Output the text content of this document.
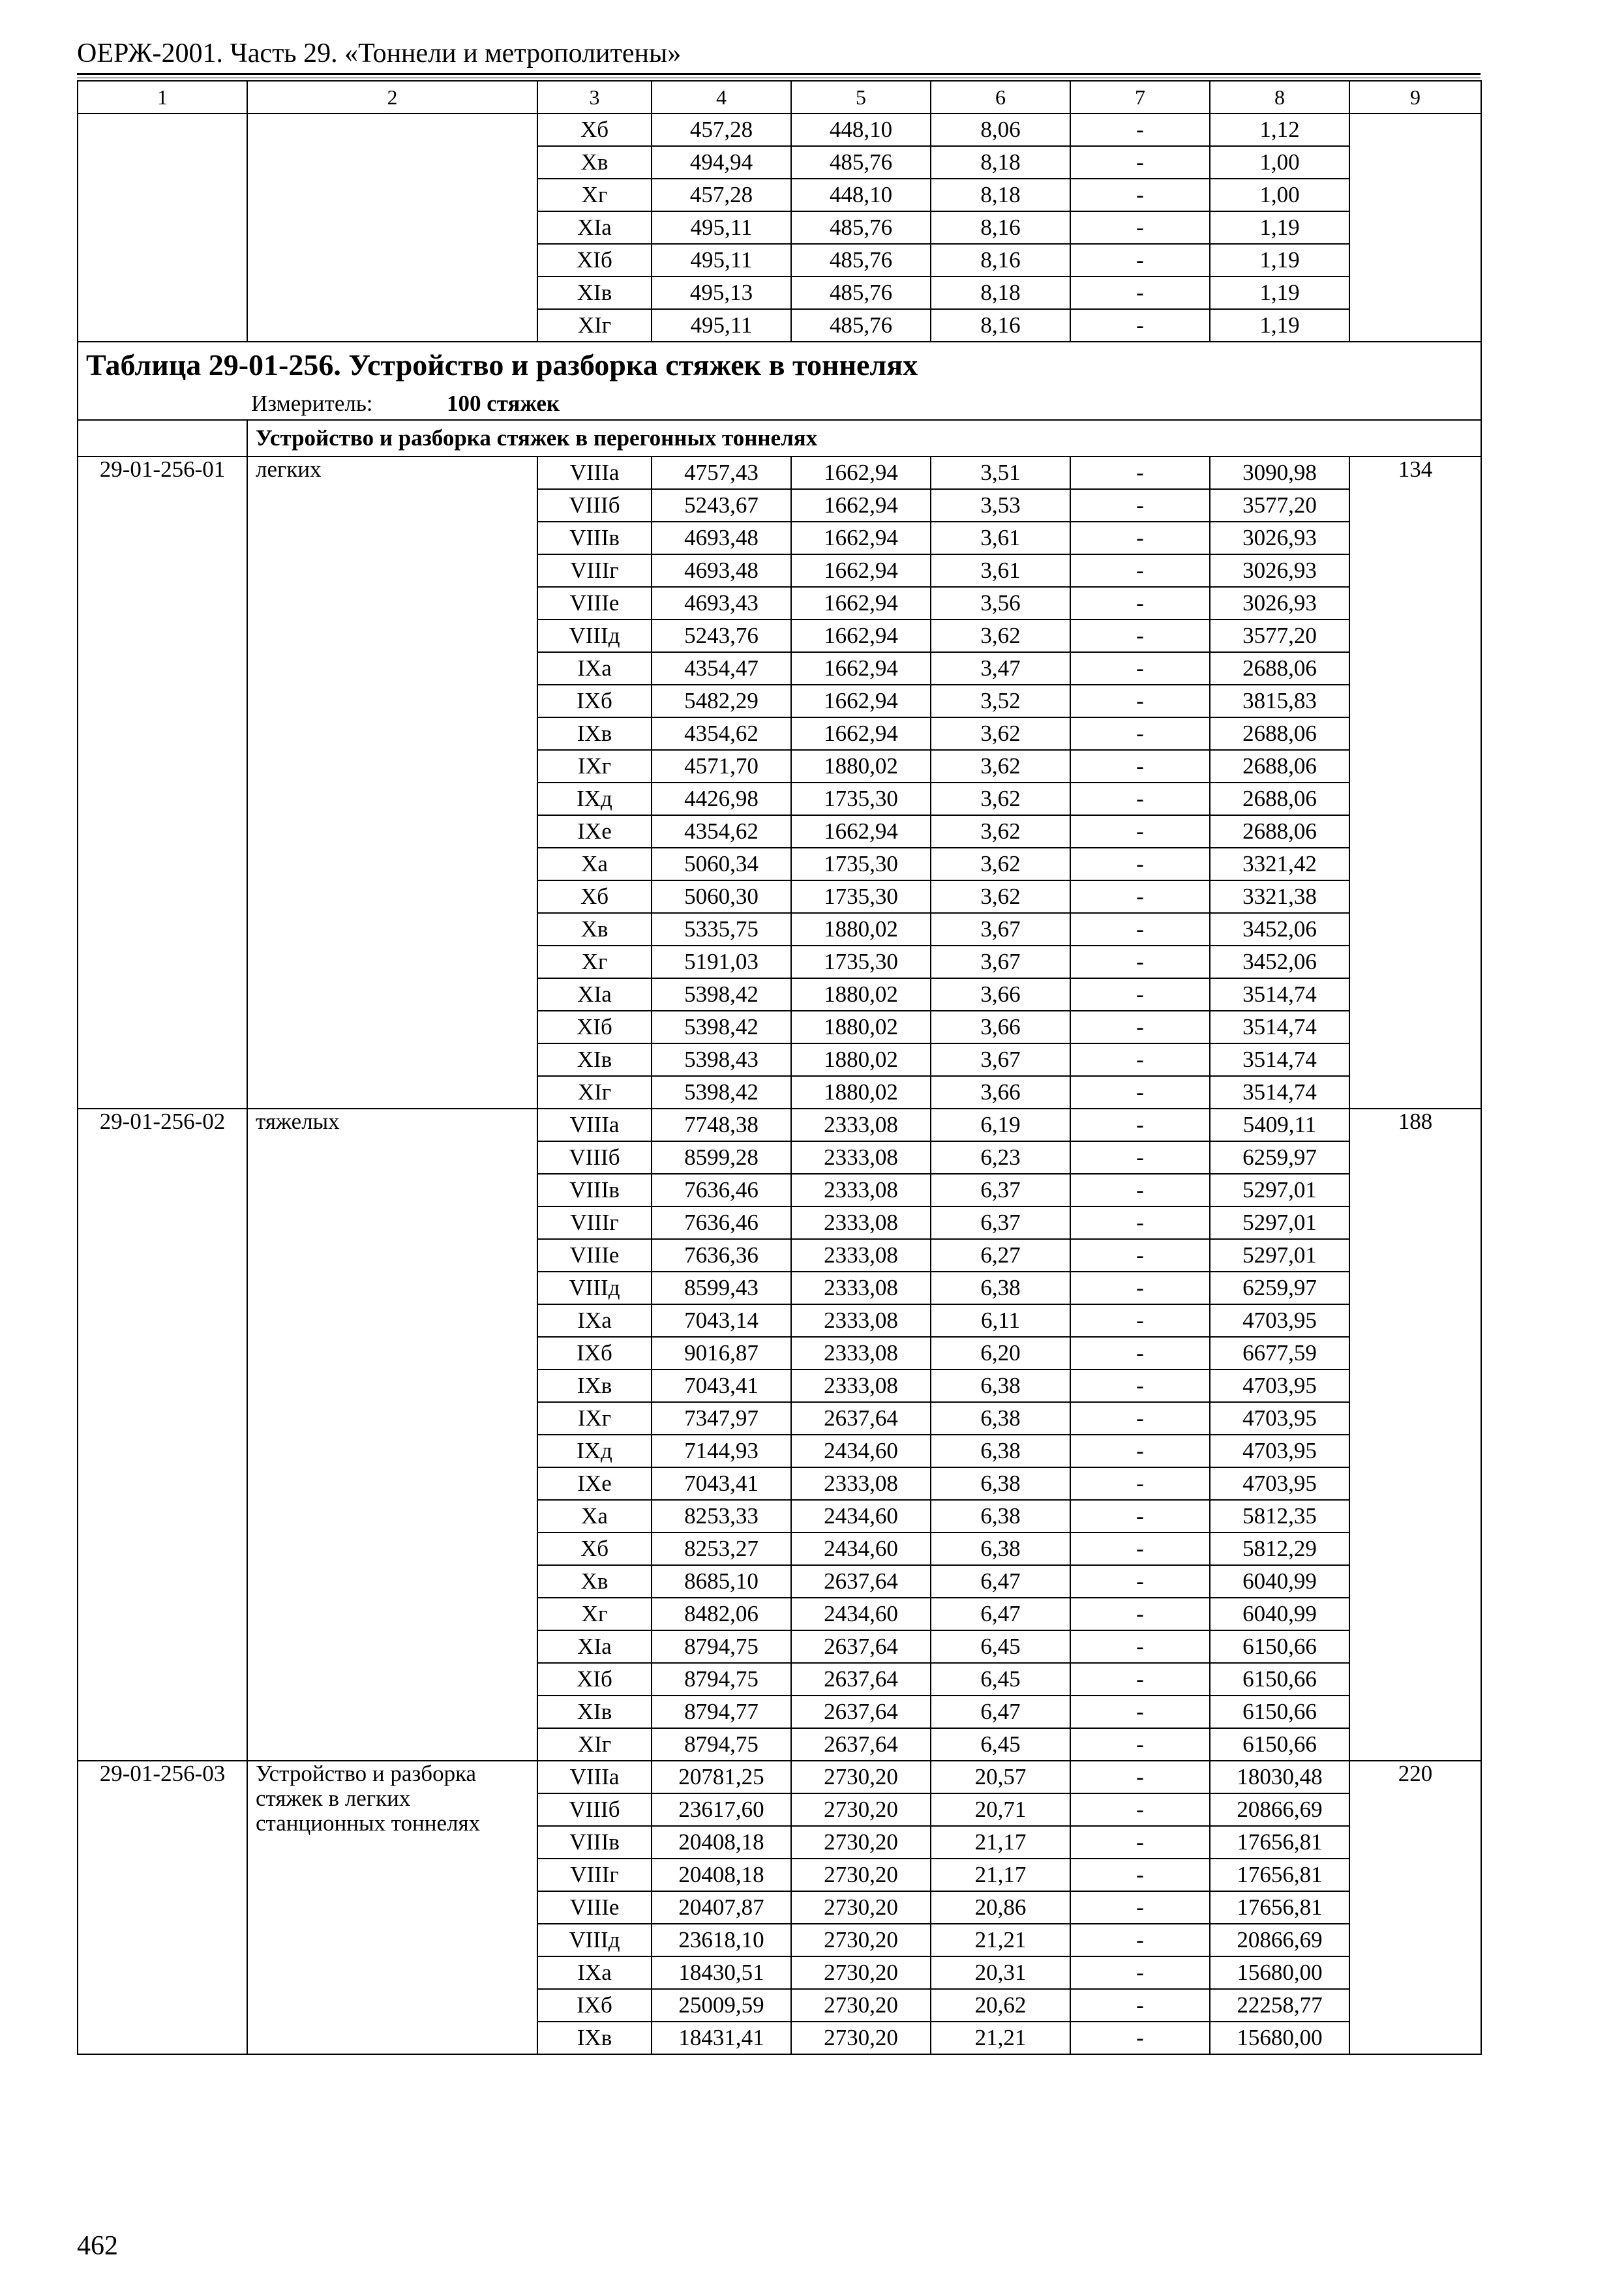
ОЕРЖ-2001. Часть 29. «Тоннели и метрополитены»
1	2	3	4	5	6	7	8	9
		Xб	457,28	448,10	8,06	-	1,12	
		Xв	494,94	485,76	8,18	-	1,00	
		Xг	457,28	448,10	8,18	-	1,00	
		XIа	495,11	485,76	8,16	-	1,19	
		XIб	495,11	485,76	8,16	-	1,19	
		XIв	495,13	485,76	8,18	-	1,19	
		XIг	495,11	485,76	8,16	-	1,19	
Таблица 29-01-256. Устройство и разборка стяжек в тоннелях								
	Измеритель: 100 стяжек							
	Устройство и разборка стяжек в перегонных тоннелях							
29-01-256-01	легких	VIIIа	4757,43	1662,94	3,51	-	3090,98	134
		VIIIб	5243,67	1662,94	3,53	-	3577,20	
		VIIIв	4693,48	1662,94	3,61	-	3026,93	
		VIIIг	4693,48	1662,94	3,61	-	3026,93	
		VIIIе	4693,43	1662,94	3,56	-	3026,93	
		VIIIд	5243,76	1662,94	3,62	-	3577,20	
		IXа	4354,47	1662,94	3,47	-	2688,06	
		IXб	5482,29	1662,94	3,52	-	3815,83	
		IXв	4354,62	1662,94	3,62	-	2688,06	
		IXг	4571,70	1880,02	3,62	-	2688,06	
		IXд	4426,98	1735,30	3,62	-	2688,06	
		IXе	4354,62	1662,94	3,62	-	2688,06	
		Xа	5060,34	1735,30	3,62	-	3321,42	
		Xб	5060,30	1735,30	3,62	-	3321,38	
		Xв	5335,75	1880,02	3,67	-	3452,06	
		Xг	5191,03	1735,30	3,67	-	3452,06	
		XIа	5398,42	1880,02	3,66	-	3514,74	
		XIб	5398,42	1880,02	3,66	-	3514,74	
		XIв	5398,43	1880,02	3,67	-	3514,74	
		XIг	5398,42	1880,02	3,66	-	3514,74	
29-01-256-02	тяжелых	VIIIа	7748,38	2333,08	6,19	-	5409,11	188
		VIIIб	8599,28	2333,08	6,23	-	6259,97	
		VIIIв	7636,46	2333,08	6,37	-	5297,01	
		VIIIг	7636,46	2333,08	6,37	-	5297,01	
		VIIIе	7636,36	2333,08	6,27	-	5297,01	
		VIIIд	8599,43	2333,08	6,38	-	6259,97	
		IXа	7043,14	2333,08	6,11	-	4703,95	
		IXб	9016,87	2333,08	6,20	-	6677,59	
		IXв	7043,41	2333,08	6,38	-	4703,95	
		IXг	7347,97	2637,64	6,38	-	4703,95	
		IXд	7144,93	2434,60	6,38	-	4703,95	
		IXе	7043,41	2333,08	6,38	-	4703,95	
		Xа	8253,33	2434,60	6,38	-	5812,35	
		Xб	8253,27	2434,60	6,38	-	5812,29	
		Xв	8685,10	2637,64	6,47	-	6040,99	
		Xг	8482,06	2434,60	6,47	-	6040,99	
		XIа	8794,75	2637,64	6,45	-	6150,66	
		XIб	8794,75	2637,64	6,45	-	6150,66	
		XIв	8794,77	2637,64	6,47	-	6150,66	
		XIг	8794,75	2637,64	6,45	-	6150,66	
29-01-256-03	Устройство и разборка стяжек в легких станционных тоннелях	VIIIа	20781,25	2730,20	20,57	-	18030,48	220
		VIIIб	23617,60	2730,20	20,71	-	20866,69	
		VIIIв	20408,18	2730,20	21,17	-	17656,81	
		VIIIг	20408,18	2730,20	21,17	-	17656,81	
		VIIIе	20407,87	2730,20	20,86	-	17656,81	
		VIIIд	23618,10	2730,20	21,21	-	20866,69	
		IXа	18430,51	2730,20	20,31	-	15680,00	
		IXб	25009,59	2730,20	20,62	-	22258,77	
		IXв	18431,41	2730,20	21,21	-	15680,00	
462
